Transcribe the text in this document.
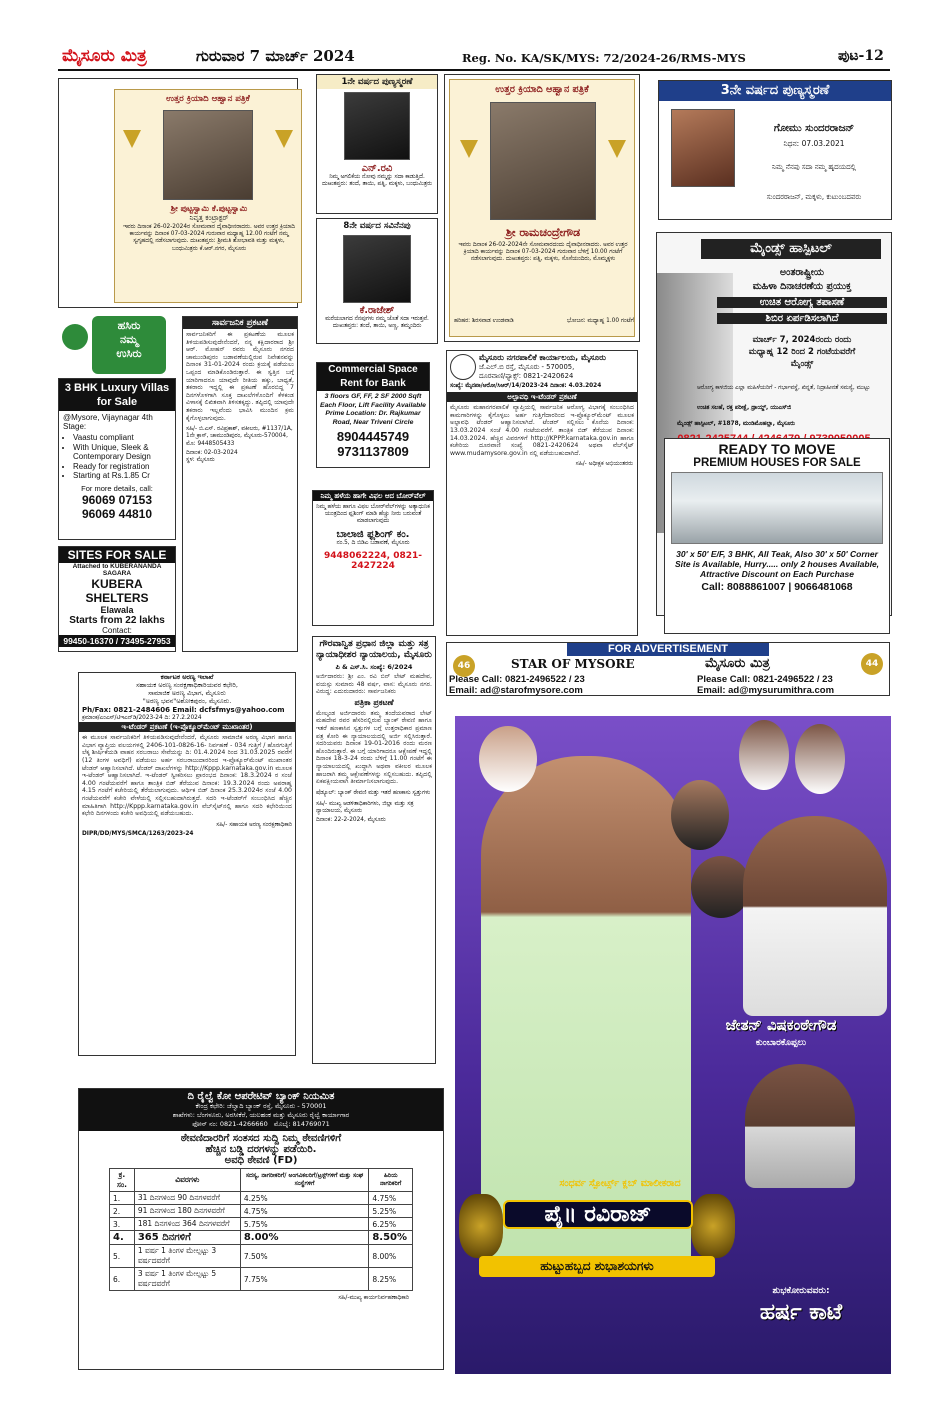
ಮೈಸೂರು ಮಿತ್ರ	ಗುರುವಾರ 7 ಮಾರ್ಚ್ 2024	Reg. No. KA/SK/MYS: 72/2024-26/RMS-MYS	ಪುಟ-12
ಉತ್ತರ ಕ್ರಿಯಾದಿ ಆಹ್ವಾನ ಪತ್ರಿಕೆ
ಶ್ರೀ ಪುಟ್ಟಸ್ವಾಮಿ ಕೆ.ಪುಟ್ಟಸ್ವಾಮಿ
ನಿವೃತ್ತ ಕಂಟ್ರಾಕ್ಟರ್
ಇವರು ದಿನಾಂಕ 26-02-2024ರ ಸೋಮವಾರ ದೈವಾಧೀನರಾದರು. ಅವರ ಉತ್ತರ ಕ್ರಿಯಾದಿ ಕಾರ್ಯವನ್ನು ದಿನಾಂಕ 07-03-2024 ಗುರುವಾರ ಮಧ್ಯಾಹ್ನ 12.00 ಗಂಟೆಗೆ ನಮ್ಮ ಸ್ವಗೃಹದಲ್ಲಿ ನಡೆಸಲಾಗುವುದು. ದುಃಖತಪ್ತರು: ಶ್ರೀಮತಿ ಶೋಭಾವತಿ ಮತ್ತು ಮಕ್ಕಳು, ಬಂಧುಮಿತ್ರರು ಕೆ.ಆರ್.ನಗರ, ಮೈಸೂರು
ಹಸಿರು
ನಮ್ಮ
ಉಸಿರು
3 BHK Luxury Villas for Sale
@Mysore, Vijaynagar 4th Stage:
• Vaastu compliant
• With Unique, Sleek & Contemporary Design
• Ready for registration
• Starting at Rs.1.85 Cr
For more details, call:
96069 07153
96069 44810
SITES FOR SALE
Attached to KUBERANANDA SAGARA
KUBERA SHELTERS
Elawala
Starts from 22 lakhs
Contact:
99450-16370 / 73495-27953
ಸಾರ್ವಜನಿಕ ಪ್ರಕಟಣೆ
ಸಾರ್ವಜನಿಕರಿಗೆ ಈ ಪ್ರಕಟಣೆಯ ಮೂಲಕ ತಿಳಿಯಪಡಿಸುವುದೇನೆಂದರೆ, ನನ್ನ ಕಕ್ಷಿದಾರರಾದ ಶ್ರೀ ಆರ್. ಮೋಹನ್ ರವರು ಮೈಸೂರು ನಗರದ ಚಾಮುಂಡಿಪುರಂ ಬಡಾವಣೆಯಲ್ಲಿರುವ ನಿವೇಶನವನ್ನು ದಿನಾಂಕ 31-01-2024 ರಂದು ಕ್ರಯಕ್ಕೆ ಪಡೆಯಲು ಒಪ್ಪಂದ ಮಾಡಿಕೊಂಡಿರುತ್ತಾರೆ. ಈ ಸ್ವತ್ತಿನ ಬಗ್ಗೆ ಯಾರಿಗಾದರೂ ಯಾವುದೇ ರೀತಿಯ ಹಕ್ಕು, ಬಾಧ್ಯತೆ, ತಕರಾರು ಇದ್ದಲ್ಲಿ ಈ ಪ್ರಕಟಣೆ ಹೊರಬಿದ್ದ 7 ದಿನಗಳೊಳಗಾಗಿ ಸೂಕ್ತ ದಾಖಲೆಗಳೊಂದಿಗೆ ಕೆಳಕಂಡ ವಿಳಾಸಕ್ಕೆ ಲಿಖಿತವಾಗಿ ತಿಳಿಸತಕ್ಕದ್ದು. ತಪ್ಪಿದಲ್ಲಿ ಯಾವುದೇ ತಕರಾರು ಇಲ್ಲವೆಂದು ಭಾವಿಸಿ ಮುಂದಿನ ಕ್ರಮ ಕೈಗೊಳ್ಳಲಾಗುವುದು.
ಸಹಿ/- ಬಿ.ಎಸ್. ರವಿಪ್ರಕಾಶ್, ವಕೀಲರು, #1137/1A, 1ನೇ ಕ್ರಾಸ್, ಚಾಮುಂಡಿಪುರಂ, ಮೈಸೂರು-570004, ಮೊ: 9448505433
ದಿನಾಂಕ: 02-03-2024
ಸ್ಥಳ: ಮೈಸೂರು
ಕರ್ನಾಟಕ ಅರಣ್ಯ ಇಲಾಖೆ
ಸಹಾಯಕ ಅರಣ್ಯ ಸಂರಕ್ಷಣಾಧಿಕಾರಿಯವರ ಕಛೇರಿ,
ಸಾಮಾಜಿಕ ಅರಣ್ಯ ವಿಭಾಗ, ಮೈಸೂರು
"ಅರಣ್ಯ ಭವನ"ಅಶೋಕಪುರಂ, ಮೈಸೂರು.
Ph/Fax: 0821-2484606 Email: dcfsfmys@yahoo.com
ಕ್ರಮಾಂಕ/ಎಂಎಸ್/ಟಿಇಎನ್‌ಡಿ/2023-24 ದಿ: 27.2.2024
ಇ-ಟೆಂಡರ್ ಪ್ರಕಟಣೆ (ಇ-ಪ್ರೊಕ್ಯೂರ್‌ಮೆಂಟ್ ಮುಖಾಂತರ)
ಈ ಮೂಲಕ ಸಾರ್ವಜನಿಕರಿಗೆ ತಿಳಿಯಪಡಿಸುವುದೇನೆಂದರೆ, ಮೈಸೂರು ಸಾಮಾಜಿಕ ಅರಣ್ಯ ವಿಭಾಗ ಹಾಗೂ ವಿಭಾಗ ವ್ಯಾಪ್ತಿಯ ವಲಯಗಳಲ್ಲಿ 2406-101-0826-16- ನಿರ್ವಹಣೆ - 034 ಗುತ್ತಿಗೆ / ಹೊರಗುತ್ತಿಗೆ ಲೆಕ್ಕ ಶೀರ್ಷಿಕೆಯಡಿ ವಾಹನ ಸರಬರಾಜು ಸೇವೆಯನ್ನು ದಿ: 01.4.2024 ರಿಂದ 31.03.2025 ರವರೆಗೆ (12 ತಿಂಗಳ ಅವಧಿಗೆ) ಪಡೆಯಲು ಅರ್ಹ ಸರಬರಾಜುದಾರರಿಂದ ಇ-ಪ್ರೊಕ್ಯೂರ್‌ಮೆಂಟ್ ಮುಖಾಂತರ ಟೆಂಡರ್ ಆಹ್ವಾನಿಸಲಾಗಿದೆ. ಟೆಂಡರ್ ದಾಖಲೆಗಳನ್ನು http://Kppp.karnataka.gov.in ಮೂಲಕ ಇ-ಟೆಂಡರ್ ಆಹ್ವಾನಿಸಲಾಗಿದೆ. ಇ-ಟೆಂಡರ್ ಸ್ವೀಕರಿಸಲು ಪ್ರಾರಂಭದ ದಿನಾಂಕ: 18.3.2024 ರ ಸಂಜೆ 4.00 ಗಂಟೆಯವರೆಗೆ ಹಾಗೂ ತಾಂತ್ರಿಕ ಬಿಡ್ ತೆರೆಯುವ ದಿನಾಂಕ: 19.3.2024 ರಂದು ಅಪರಾಹ್ನ 4.15 ಗಂಟೆಗೆ ಕಚೇರಿಯಲ್ಲಿ ತೆರೆಯಲಾಗುವುದು. ಆರ್ಥಿಕ ಬಿಡ್ ದಿನಾಂಕ 25.3.2024ರ ಸಂಜೆ 4.00 ಗಂಟೆಯವರೆಗೆ ಕಚೇರಿ ವೇಳೆಯಲ್ಲಿ ಸಲ್ಲಿಸಬಹುದಾಗಿರುತ್ತದೆ. ಸದರಿ ಇ-ಟೆಂಡರ್‌ಗೆ ಸಂಬಂಧಿಸಿದ ಹೆಚ್ಚಿನ ಮಾಹಿತಿಗಾಗಿ http://Kppp.karnataka.gov.in ವೆಬ್‌ಸೈಟ್‌ನಲ್ಲಿ ಹಾಗೂ ಸದರಿ ಕಛೇರಿಯಿಂದ ಕಛೇರಿ ದಿನಗಳಂದು ಕಚೇರಿ ಅವಧಿಯಲ್ಲಿ ಪಡೆಯಬಹುದು.
ಸಹಿ/- ಸಹಾಯಕ ಅರಣ್ಯ ಸಂರಕ್ಷಣಾಧಿಕಾರಿ
DIPR/DD/MYS/SMCA/1263/2023-24
ದಿ ರೈಲ್ವೆ ಕೋ ಆಪರೇಟಿವ್ ಬ್ಯಾಂಕ್ ನಿಯಮಿತ
ಕೇಂದ್ರ ಕಛೇರಿ: ಜೆಲ್ವಾದಿ ಬ್ಯಾಂಕ್ ರಸ್ತೆ, ಮೈಸೂರು - 570001
ಶಾಖೆಗಳು: ಬೆಂಗಳೂರು, ಅರಸೀಕೆರೆ, ಯಲಹಂಕ ಮತ್ತು ಮೈಸೂರು ರೈಲ್ವೆ ಕಾರ್ಯಾಗಾರ
ಫೋನ್ ನಂ: 0821-4266660 ಮೊಬೈ: 814769071
ಠೇವಣಿದಾರರಿಗೆ ಸಂತಸದ ಸುದ್ದಿ ನಿಮ್ಮ ಠೇವಣಿಗಳಿಗೆ
ಹೆಚ್ಚಿನ ಬಡ್ಡಿ ದರಗಳನ್ನು ಪಡೆಯಿರಿ.
ಅವಧಿ ಠೇವಣಿ (FD)
ಕ್ರ. ಸಂ.	ವಿವರಗಳು	ಸದಸ್ಯ, ನಾಗರೀಕರಿಗೆ/ ಅಂಗವಿಕಲರಿಗೆ/ಟ್ರಸ್ಟ್‌ಗಳಿಗೆ ಮತ್ತು ಸಂಘ ಸಂಸ್ಥೆಗಳಿಗೆ	ಹಿರಿಯ ನಾಗರಿಕರಿಗೆ
1.	31 ದಿನಗಳಿಂದ 90 ದಿನಗಳವರೆಗೆ	4.25%	4.75%
2.	91 ದಿನಗಳಿಂದ 180 ದಿನಗಳವರೆಗೆ	4.75%	5.25%
3.	181 ದಿನಗಳಿಂದ 364 ದಿನಗಳವರೆಗೆ	5.75%	6.25%
4.	365 ದಿನಗಳಿಗೆ	8.00%	8.50%
5.	1 ವರ್ಷ 1 ತಿಂಗಳ ಮೇಲ್ಪಟ್ಟು 3 ವರ್ಷದವರೆಗೆ	7.50%	8.00%
6.	3 ವರ್ಷ 1 ತಿಂಗಳ ಮೇಲ್ಪಟ್ಟು 5 ವರ್ಷದವರೆಗೆ	7.75%	8.25%
ಸಹಿ/-ಮುಖ್ಯ ಕಾರ್ಯನಿರ್ವಹಣಾಧಿಕಾರಿ
1ನೇ ವರ್ಷದ ಪುಣ್ಯಸ್ಮರಣೆ
ಎನ್.ರವಿ
ನಿಮ್ಮ ಅಗಲಿಕೆಯ ನೋವು ನಮ್ಮನ್ನು ಸದಾ ಕಾಡುತ್ತಿದೆ. ದುಃಖತಪ್ತರು: ತಂದೆ, ತಾಯಿ, ಪತ್ನಿ, ಮಕ್ಕಳು, ಬಂಧುಮಿತ್ರರು
8ನೇ ವರ್ಷದ ಸವಿನೆನಪು
ಕೆ.ರಾಜೇಶ್
ಮರೆಯಲಾಗದ ನೆನಪುಗಳು ನಮ್ಮ ಜೊತೆ ಸದಾ ಇರುತ್ತವೆ. ದುಃಖತಪ್ತರು: ತಂದೆ, ತಾಯಿ, ಅಣ್ಣ, ತಮ್ಮಂದಿರು
Commercial Space
Rent for Bank
3 floors GF, FF, 2 SF 2000 Sqft Each Floor, Lift Facility Available Prime Location: Dr. Rajkumar Road, Near Triveni Circle
8904445749
9731137809
ನಿಮ್ಮ ಹಳೆಯ ಹಾಗೇ ವಿಫಲ ಆದ ಬೋರ್‌ವೆಲ್
ನಿಮ್ಮ ಹಳೆಯ ಹಾಗೂ ವಿಫಲ ಬೋರ್‌ವೆಲ್‌ಗಳನ್ನು ಅತ್ಯಾಧುನಿಕ ಯಂತ್ರದಿಂದ ಫ್ಲಶಿಂಗ್ ಮಾಡಿ ಹೆಚ್ಚು ನೀರು ಬರುವಂತೆ ಮಾಡಲಾಗುವುದು
ಬಾಲಾಜಿ ಫ್ಲಶಿಂಗ್ ಕಂ.
ನಂ.5, ದಿ ಬಿಡಿಎ ಬಡಾವಣೆ, ಮೈಸೂರು
9448062224, 0821-2427224
ಗೌರವಾನ್ವಿತ ಪ್ರಧಾನ ಜಿಲ್ಲಾ ಮತ್ತು ಸತ್ರ ನ್ಯಾಯಾಧೀಶರ ನ್ಯಾಯಾಲಯ, ಮೈಸೂರು
ಪಿ & ಎಸ್.ಸಿ. ಸಂಖ್ಯೆ: 6/2024
ಅರ್ಜಿದಾರರು: ಶ್ರೀ ಎಂ. ರವಿ ಬಿನ್ ಲೇಟ್ ಮಹದೇವ, ವಯಸ್ಸು ಸುಮಾರು 48 ವರ್ಷ, ವಾಸ: ಮೈಸೂರು ನಗರ. ವಿರುದ್ಧ: ಎದುರುದಾರರು: ಸಾರ್ವಜನಿಕರು
ಪತ್ರಿಕಾ ಪ್ರಕಟಣೆ
ಮೇಲ್ಕಂಡ ಅರ್ಜಿದಾರರು ತಮ್ಮ ತಂದೆಯವರಾದ ಲೇಟ್ ಮಹದೇವ ರವರ ಹೆಸರಿನಲ್ಲಿರುವ ಬ್ಯಾಂಕ್ ಠೇವಣಿ ಹಾಗೂ ಇತರೆ ಹಣಕಾಸಿನ ಸ್ವತ್ತುಗಳ ಬಗ್ಗೆ ಉತ್ತರಾಧಿಕಾರ ಪ್ರಮಾಣ ಪತ್ರ ಕೋರಿ ಈ ನ್ಯಾಯಾಲಯದಲ್ಲಿ ಅರ್ಜಿ ಸಲ್ಲಿಸಿರುತ್ತಾರೆ. ಸದರಿಯವರು ದಿನಾಂಕ 19-01-2016 ರಂದು ಮರಣ ಹೊಂದಿರುತ್ತಾರೆ. ಈ ಬಗ್ಗೆ ಯಾರಿಗಾದರೂ ಆಕ್ಷೇಪಣೆ ಇದ್ದಲ್ಲಿ ದಿನಾಂಕ 18-3-24 ರಂದು ಬೆಳಿಗ್ಗೆ 11.00 ಗಂಟೆಗೆ ಈ ನ್ಯಾಯಾಲಯದಲ್ಲಿ ಖುದ್ದಾಗಿ ಅಥವಾ ವಕೀಲರ ಮೂಲಕ ಹಾಜರಾಗಿ ತಮ್ಮ ಆಕ್ಷೇಪಣೆಗಳನ್ನು ಸಲ್ಲಿಸಬಹುದು. ತಪ್ಪಿದಲ್ಲಿ ಏಕಪಕ್ಷೀಯವಾಗಿ ತೀರ್ಮಾನಿಸಲಾಗುವುದು.
ಷೆಡ್ಯೂಲ್: ಬ್ಯಾಂಕ್ ಠೇವಣಿ ಮತ್ತು ಇತರೆ ಹಣಕಾಸು ಸ್ವತ್ತುಗಳು
ಸಹಿ/- ಮುಖ್ಯ ಆಡಳಿತಾಧಿಕಾರಿಗಳು, ಜಿಲ್ಲಾ ಮತ್ತು ಸತ್ರ ನ್ಯಾಯಾಲಯ, ಮೈಸೂರು
ದಿನಾಂಕ: 22-2-2024, ಮೈಸೂರು
ಉತ್ತರ ಕ್ರಿಯಾದಿ ಆಹ್ವಾನ ಪತ್ರಿಕೆ
ಶ್ರೀ ರಾಮಚಂದ್ರೇಗೌಡ
ಇವರು ದಿನಾಂಕ 26-02-2024ನೇ ಸೋಮವಾರದಂದು ದೈವಾಧೀನರಾದರು. ಅವರ ಉತ್ತರ ಕ್ರಿಯಾದಿ ಕಾರ್ಯವನ್ನು ದಿನಾಂಕ 07-03-2024 ಗುರುವಾರ ಬೆಳಿಗ್ಗೆ 10.00 ಗಂಟೆಗೆ ನಡೆಸಲಾಗುವುದು. ದುಃಖತಪ್ತರು: ಪತ್ನಿ, ಮಕ್ಕಳು, ಸೊಸೆಯಂದಿರು, ಮೊಮ್ಮಕ್ಕಳು
ಹರಿಹರ: ಶಿರಸವಾಡ ಉಂಡವಾಡಿ	ಭೋಜನ: ಮಧ್ಯಾಹ್ನ 1.00 ಗಂಟೆಗೆ
ಮೈಸೂರು ನಗರಪಾಲಿಕೆ ಕಾರ್ಯಾಲಯ, ಮೈಸೂರು
ಜೆ.ಎಲ್.ಬಿ ರಸ್ತೆ, ಮೈಸೂರು - 570005,
ದೂರವಾಣಿ/ಫ್ಯಾಕ್ಸ್: 0821-2420624
ಸಂಖ್ಯೆ: ಮೈನಪಾ/ಆರೋ/ಸಿಆರ್/14/2023-24 ದಿನಾಂಕ: 4.03.2024
ಅಲ್ಪಾವಧಿ ಇ-ಟೆಂಡರ್ ಪ್ರಕಟಣೆ
ಮೈಸೂರು ಮಹಾನಗರಪಾಲಿಕೆ ವ್ಯಾಪ್ತಿಯಲ್ಲಿ ಸಾರ್ವಜನಿಕ ಆರೋಗ್ಯ ವಿಭಾಗಕ್ಕೆ ಸಂಬಂಧಿಸಿದ ಕಾಮಗಾರಿಗಳನ್ನು ಕೈಗೊಳ್ಳಲು ಅರ್ಹ ಗುತ್ತಿಗೆದಾರರಿಂದ ಇ-ಪ್ರೊಕ್ಯೂರ್‌ಮೆಂಟ್ ಮೂಲಕ ಅಲ್ಪಾವಧಿ ಟೆಂಡರ್ ಆಹ್ವಾನಿಸಲಾಗಿದೆ. ಟೆಂಡರ್ ಸಲ್ಲಿಸಲು ಕೊನೆಯ ದಿನಾಂಕ: 13.03.2024 ಸಂಜೆ 4.00 ಗಂಟೆಯವರೆಗೆ. ತಾಂತ್ರಿಕ ಬಿಡ್ ತೆರೆಯುವ ದಿನಾಂಕ: 14.03.2024. ಹೆಚ್ಚಿನ ವಿವರಗಳಿಗೆ http://KPPP.karnataka.gov.in ಹಾಗೂ ಕಚೇರಿಯ ದೂರವಾಣಿ ಸಂಖ್ಯೆ 0821-2420624 ಅಥವಾ ವೆಬ್‌ಸೈಟ್ www.mudamysore.gov.in ನಲ್ಲಿ ಪಡೆಯಬಹುದಾಗಿದೆ.
ಸಹಿ/- ಅಧೀಕ್ಷಕ ಅಭಿಯಂತರರು
3ನೇ ವರ್ಷದ ಪುಣ್ಯಸ್ಮರಣೆ
ಗೋಮು ಸುಂದರರಾಜನ್
ನಿಧನ: 07.03.2021
ನಿಮ್ಮ ನೆನಪು ಸದಾ ನಮ್ಮ ಹೃದಯದಲ್ಲಿ
ಸುಂದರರಾಜನ್, ಮಕ್ಕಳು, ಕುಟುಂಬದವರು
ಮೈಂಡ್ಸ್ ಹಾಸ್ಪಿಟಲ್
ಅಂತರಾಷ್ಟ್ರೀಯ
ಮಹಿಳಾ ದಿನಾಚರಣೆಯ ಪ್ರಯುಕ್ತ
ಉಚಿತ ಆರೋಗ್ಯ ತಪಾಸಣೆ
ಶಿಬಿರ ಏರ್ಪಡಿಸಲಾಗಿದೆ
ಮಾರ್ಚ್ 7, 2024ರಂದು ರಂದು
ಮಧ್ಯಾಹ್ನ 12 ರಿಂದ 2 ಗಂಟೆಯವರೆಗೆ
ಮೈಂಡ್ಸ್
ಆರೋಗ್ಯ ಕಾಳಜಿಯ ಎಲ್ಲಾ ಮಹಿಳೆಯರಿಗೆ - ಗರ್ಭಾವಸ್ಥೆ, ಖಿನ್ನತೆ, ನಿದ್ರಾಹೀನತೆ ಸಮಸ್ಯೆ, ಮುಟ್ಟು
ಉಚಿತ ಸಲಹೆ, ರಕ್ತ ಪರೀಕ್ಷೆ, ಥ್ರಾಯ್ಡ್, ಯುಎಸ್‌ಜಿ
ಮೈಂಡ್ಸ್ ಹಾಸ್ಪಿಟಲ್, #1878, ಮಂಡಿಮೊಹಲ್ಲಾ, ಮೈಸೂರು
READY TO MOVE
PREMIUM HOUSES FOR SALE
30' x 50' E/F, 3 BHK, All Teak, Also 30' x 50' Corner Site is Available, Hurry..... only 2 houses Available, Attractive Discount on Each Purchase
Call: 8088861007 | 9066481068
FOR ADVERTISEMENT
46	STAR OF MYSORE
Please Call: 0821-2496522 / 23
Email: ad@starofmysore.com
ಮೈಸೂರು ಮಿತ್ರ	44
Please Call: 0821-2496522 / 23
Email: ad@mysurumithra.com
ಜೇತನ್ ವಿಷಕಂಠೇಗೌಡ
ಕುಂಬಾರಕೊಪ್ಪಲು
ಸಂಧರ್ವ ಸ್ಪೋರ್ಟ್ಸ್ ಕ್ಲಬ್ ಮಾಲೀಕರಾದ
ಪೈ॥ ರವಿರಾಜ್
ಹುಟ್ಟುಹಬ್ಬದ ಶುಭಾಶಯಗಳು
ಶುಭಕೋರುವವರು:
ಹರ್ಷ ಕಾಟೆ
